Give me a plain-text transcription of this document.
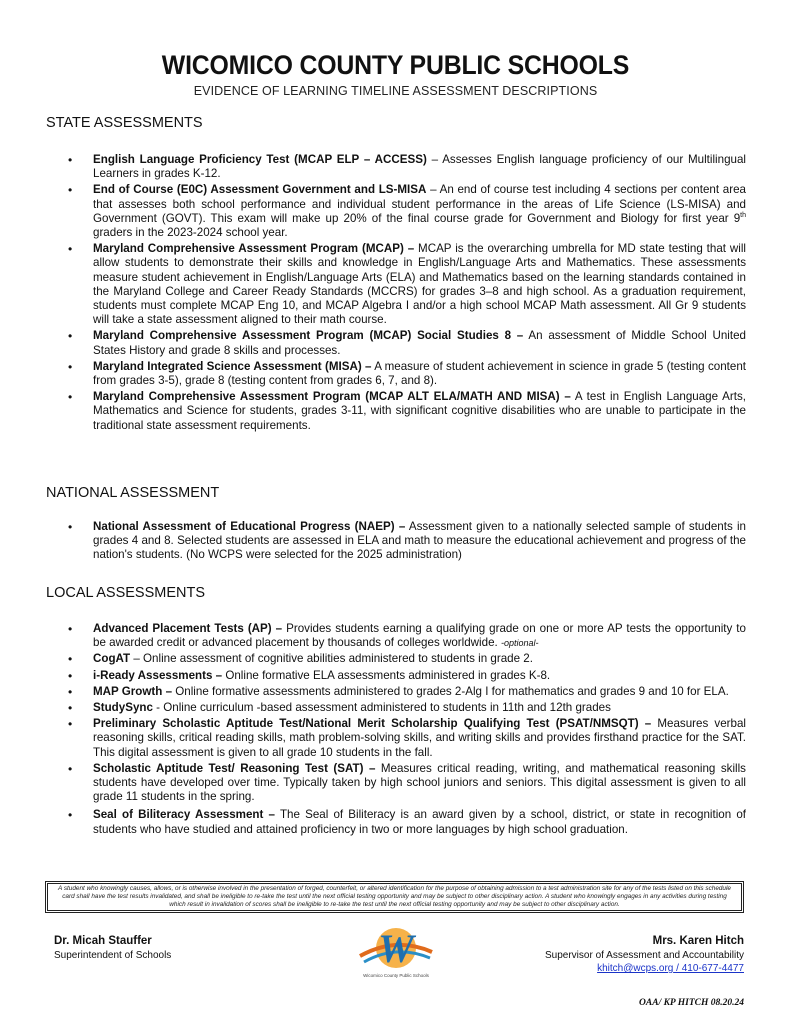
WICOMICO COUNTY PUBLIC SCHOOLS
EVIDENCE OF LEARNING TIMELINE ASSESSMENT DESCRIPTIONS
STATE ASSESSMENTS
• English Language Proficiency Test (MCAP ELP – ACCESS) – Assesses English language proficiency of our Multilingual Learners in grades K-12.
• End of Course (E0C) Assessment Government and LS-MISA – An end of course test including 4 sections per content area that assesses both school performance and individual student performance in the areas of Life Science (LS-MISA) and Government (GOVT). This exam will make up 20% of the final course grade for Government and Biology for first year 9th graders in the 2023-2024 school year.
• Maryland Comprehensive Assessment Program (MCAP) – MCAP is the overarching umbrella for MD state testing that will allow students to demonstrate their skills and knowledge in English/Language Arts and Mathematics. These assessments measure student achievement in English/Language Arts (ELA) and Mathematics based on the learning standards contained in the Maryland College and Career Ready Standards (MCCRS) for grades 3–8 and high school. As a graduation requirement, students must complete MCAP Eng 10, and MCAP Algebra I and/or a high school MCAP Math assessment. All Gr 9 students will take a state assessment aligned to their math course.
• Maryland Comprehensive Assessment Program (MCAP) Social Studies 8 – An assessment of Middle School United States History and grade 8 skills and processes.
• Maryland Integrated Science Assessment (MISA) – A measure of student achievement in science in grade 5 (testing content from grades 3-5), grade 8 (testing content from grades 6, 7, and 8).
• Maryland Comprehensive Assessment Program (MCAP ALT ELA/MATH AND MISA) – A test in English Language Arts, Mathematics and Science for students, grades 3-11, with significant cognitive disabilities who are unable to participate in the traditional state assessment requirements.
NATIONAL ASSESSMENT
• National Assessment of Educational Progress (NAEP) – Assessment given to a nationally selected sample of students in grades 4 and 8. Selected students are assessed in ELA and math to measure the educational achievement and progress of the nation's students. (No WCPS were selected for the 2025 administration)
LOCAL ASSESSMENTS
• Advanced Placement Tests (AP) – Provides students earning a qualifying grade on one or more AP tests the opportunity to be awarded credit or advanced placement by thousands of colleges worldwide. -optional-
• CogAT – Online assessment of cognitive abilities administered to students in grade 2.
• i-Ready Assessments – Online formative ELA assessments administered in grades K-8.
• MAP Growth – Online formative assessments administered to grades 2-Alg I for mathematics and grades 9 and 10 for ELA.
• StudySync - Online curriculum -based assessment administered to students in 11th and 12th grades
• Preliminary Scholastic Aptitude Test/National Merit Scholarship Qualifying Test (PSAT/NMSQT) – Measures verbal reasoning skills, critical reading skills, math problem-solving skills, and writing skills and provides firsthand practice for the SAT. This digital assessment is given to all grade 10 students in the fall.
• Scholastic Aptitude Test/ Reasoning Test (SAT) – Measures critical reading, writing, and mathematical reasoning skills students have developed over time. Typically taken by high school juniors and seniors. This digital assessment is given to all grade 11 students in the spring.
• Seal of Biliteracy Assessment – The Seal of Biliteracy is an award given by a school, district, or state in recognition of students who have studied and attained proficiency in two or more languages by high school graduation.
A student who knowingly causes, allows, or is otherwise involved in the presentation of forged, counterfeit, or altered identification for the purpose of obtaining admission to a test administration site for any of the tests listed on this schedule card shall have the test results invalidated, and shall be ineligible to re-take the test until the next official testing opportunity and may be subject to other disciplinary action. A student who knowingly engages in any activities during testing which result in invalidation of scores shall be ineligible to re-take the test until the next official testing opportunity and may be subject to other disciplinary action.
Dr. Micah Stauffer
Superintendent of Schools	W
Wicomico County Public Schools
Mrs. Karen Hitch
Supervisor of Assessment and Accountability
khitch@wcps.org / 410-677-4477
OAA/ KP HITCH 08.20.24
